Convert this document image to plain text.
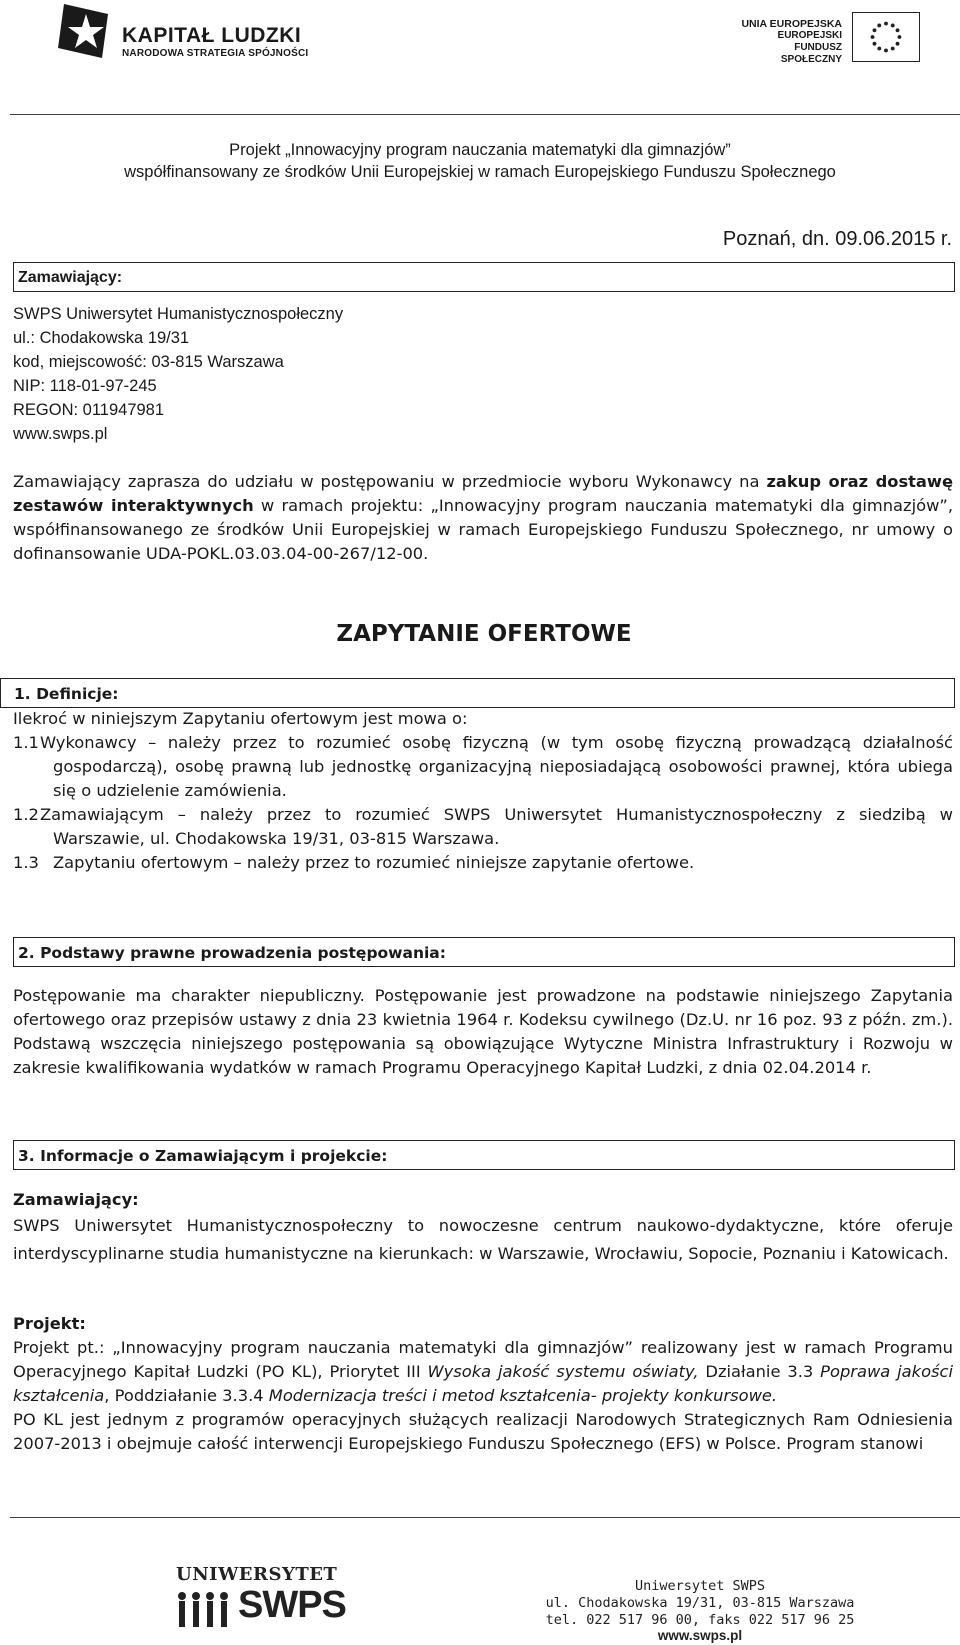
KAPITAŁ LUDZKI
NARODOWA STRATEGIA SPÓJNOŚCI
UNIA EUROPEJSKA
EUROPEJSKI
FUNDUSZ SPOŁECZNY
Projekt „Innowacyjny program nauczania matematyki dla gimnazjów”
współfinansowany ze środków Unii Europejskiej w ramach Europejskiego Funduszu Społecznego
Poznań, dn. 09.06.2015 r.
Zamawiający:
SWPS Uniwersytet Humanistycznospołeczny
ul.: Chodakowska 19/31
kod, miejscowość: 03-815 Warszawa
NIP: 118-01-97-245
REGON: 011947981
www.swps.pl
Zamawiający zaprasza do udziału w postępowaniu w przedmiocie wyboru Wykonawcy na zakup oraz dostawę zestawów interaktywnych w ramach projektu: „Innowacyjny program nauczania matematyki dla gimnazjów”, współfinansowanego ze środków Unii Europejskiej w ramach Europejskiego Funduszu Społecznego, nr umowy o dofinansowanie UDA-POKL.03.03.04-00-267/12-00.
ZAPYTANIE OFERTOWE
1. Definicje:
Ilekroć w niniejszym Zapytaniu ofertowym jest mowa o:
1.1 Wykonawcy – należy przez to rozumieć osobę fizyczną (w tym osobę fizyczną prowadzącą działalność gospodarczą), osobę prawną lub jednostkę organizacyjną nieposiadającą osobowości prawnej, która ubiega się o udzielenie zamówienia.
1.2 Zamawiającym – należy przez to rozumieć SWPS Uniwersytet Humanistycznospołeczny z siedzibą w Warszawie, ul. Chodakowska 19/31, 03-815 Warszawa.
1.3 Zapytaniu ofertowym – należy przez to rozumieć niniejsze zapytanie ofertowe.
2. Podstawy prawne prowadzenia postępowania:
Postępowanie ma charakter niepubliczny. Postępowanie jest prowadzone na podstawie niniejszego Zapytania ofertowego oraz przepisów ustawy z dnia 23 kwietnia 1964 r. Kodeksu cywilnego (Dz.U. nr 16 poz. 93 z późn. zm.). Podstawą wszczęcia niniejszego postępowania są obowiązujące Wytyczne Ministra Infrastruktury i Rozwoju w zakresie kwalifikowania wydatków w ramach Programu Operacyjnego Kapitał Ludzki, z dnia 02.04.2014 r.
3. Informacje o Zamawiającym i projekcie:
Zamawiający:
SWPS Uniwersytet Humanistycznospołeczny to nowoczesne centrum naukowo-dydaktyczne, które oferuje interdyscyplinarne studia humanistyczne na kierunkach: w Warszawie, Wrocławiu, Sopocie, Poznaniu i Katowicach.
Projekt:
Projekt pt.: „Innowacyjny program nauczania matematyki dla gimnazjów” realizowany jest w ramach Programu Operacyjnego Kapitał Ludzki (PO KL), Priorytet III Wysoka jakość systemu oświaty, Działanie 3.3 Poprawa jakości kształcenia, Poddziałanie 3.3.4 Modernizacja treści i metod kształcenia- projekty konkursowe.
PO KL jest jednym z programów operacyjnych służących realizacji Narodowych Strategicznych Ram Odniesienia 2007-2013 i obejmuje całość interwencji Europejskiego Funduszu Społecznego (EFS) w Polsce. Program stanowi
UNIWERSYTET
SWPS	Uniwersytet SWPS
ul. Chodakowska 19/31, 03-815 Warszawa
tel. 022 517 96 00, faks 022 517 96 25
www.swps.pl
